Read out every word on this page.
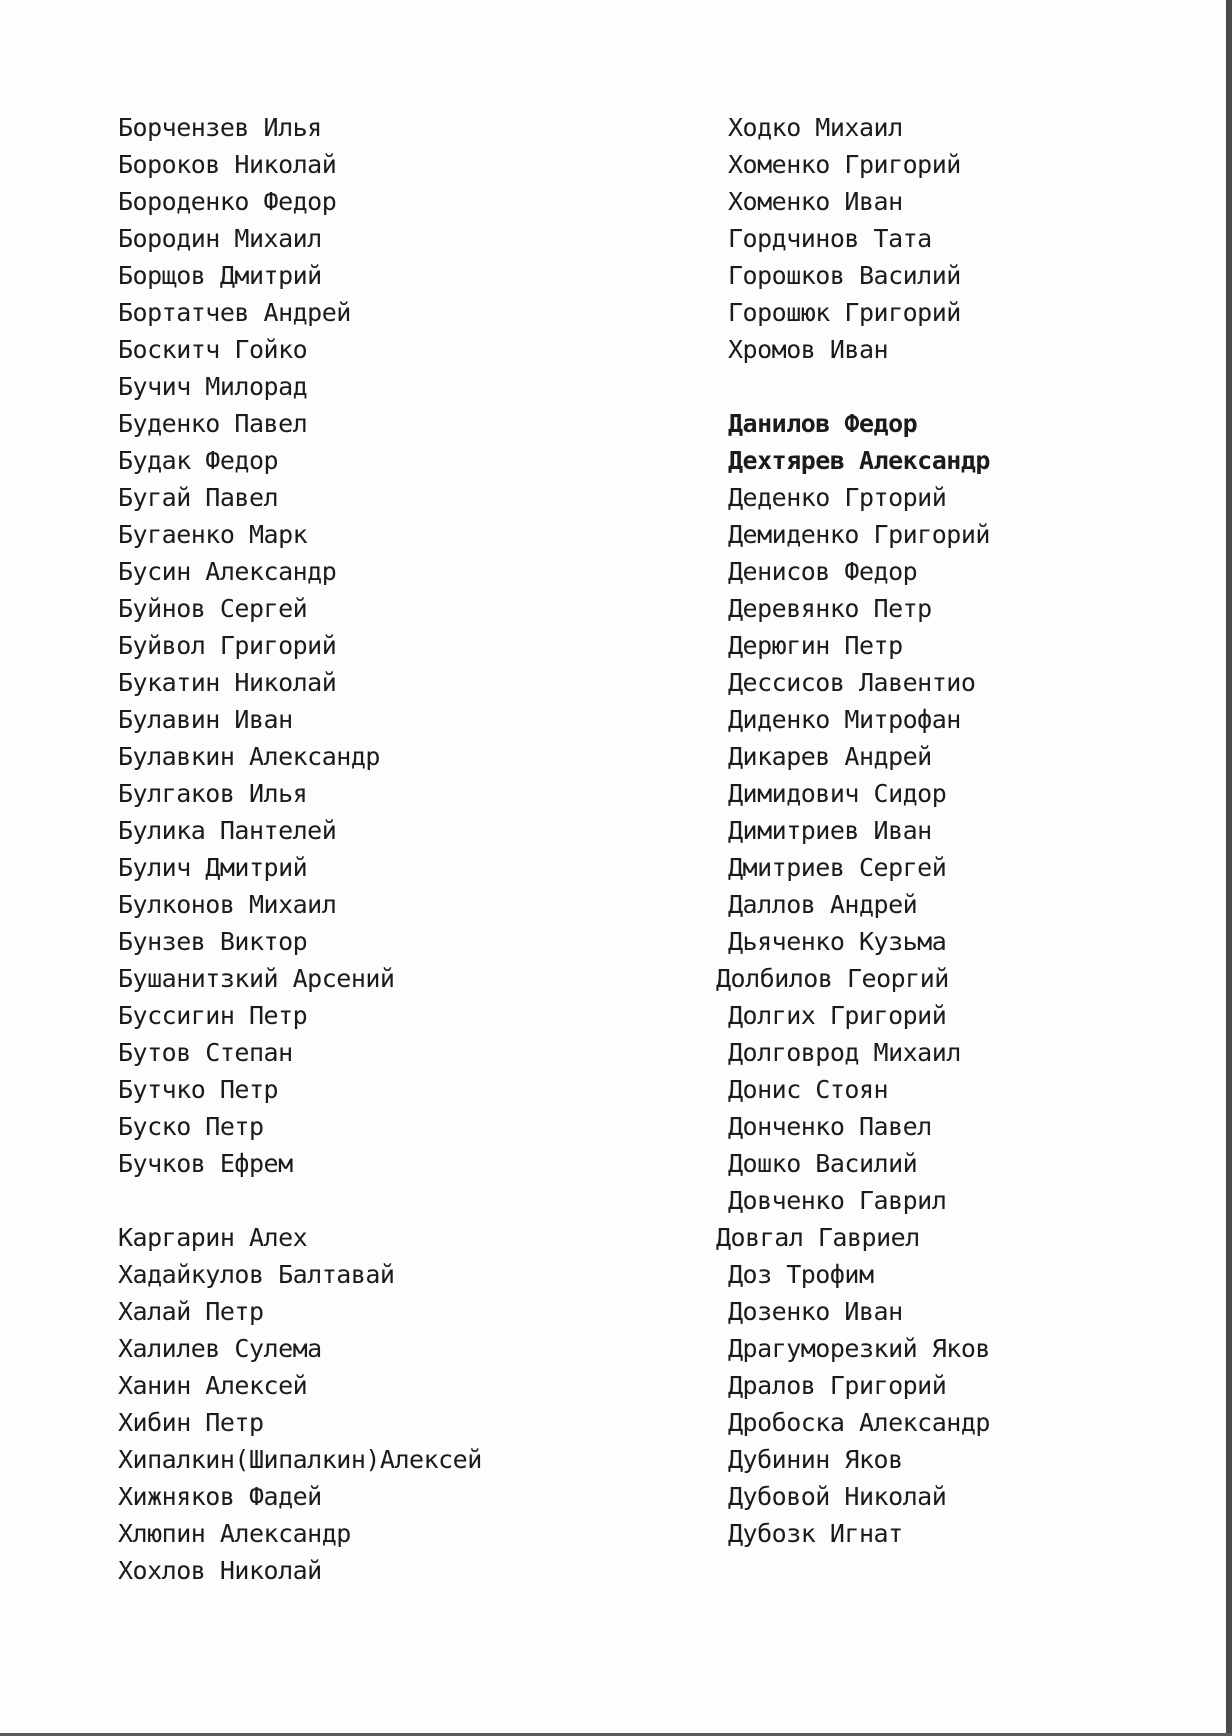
Борчензев Илья
Бороков Николай
Бороденко Федор
Бородин Михаил
Борщов Дмитрий
Бортатчев Андрей
Боскитч Гойко
Бучич Милорад
Буденко Павел
Будак Федор
Бугай Павел
Бугаенко Марк
Бусин Александр
Буйнов Сергей
Буйвол Григорий
Букатин Николай
Булавин Иван
Булавкин Александр
Булгаков Илья
Булика Пантелей
Булич Дмитрий
Булконов Михаил
Бунзев Виктор
Бушанитзкий Арсений
Буссигин Петр
Бутов Степан
Бутчко Петр
Буско Петр
Бучков Ефрем
Каргарин Алех
Хадайкулов Балтавай
Халай Петр
Халилев Сулема
Ханин Алексей
Хибин Петр
Хипалкин(Шипалкин)Алексей
Хижняков Фадей
Хлюпин Александр
Хохлов Николай
Ходко Михаил
Хоменко Григорий
Хоменко Иван
Гордчинов Тата
Горошков Василий
Горошюк Григорий
Хромов Иван
Данилов Федор
Дехтярев Александр
Деденко Грторий
Демиденко Григорий
Денисов Федор
Деревянко Петр
Дерюгин Петр
Дессисов Лавентио
Диденко Митрофан
Дикарев Андрей
Димидович Сидор
Димитриев Иван
Дмитриев Сергей
Даллов Андрей
Дьяченко Кузьма
Долбилов Георгий
Долгих Григорий
Долговрод Михаил
Донис Стоян
Донченко Павел
Дошко Василий
Довченко Гаврил
Довгал Гавриел
Доз Трофим
Дозенко Иван
Драгуморезкий Яков
Дралов Григорий
Дробоска Александр
Дубинин Яков
Дубовой Николай
Дубозк Игнат
